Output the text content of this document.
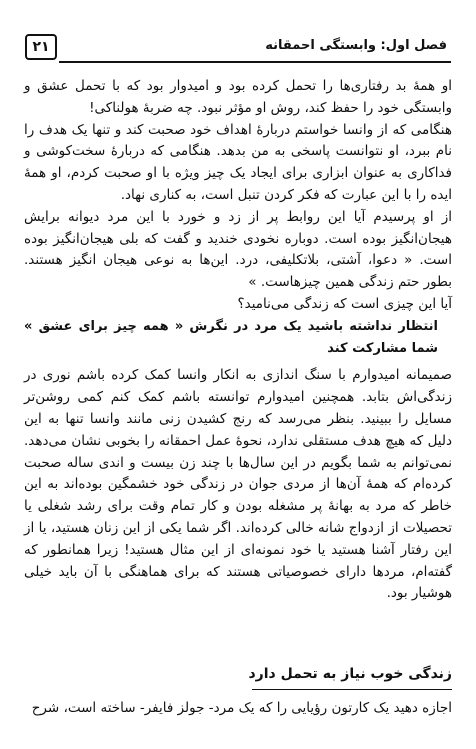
۲۱	فصل اول: وابستگی احمقانه

او همهٔ بد رفتاری‌ها را تحمل کرده بود و امیدوار بود که با تحمل عشق و وابستگی خود را حفظ کند، روش او مؤثر نبود. چه ضربهٔ هولناکی!

هنگامی که از وانسا خواستم دربارهٔ اهداف خود صحبت کند و تنها یک هدف را نام ببرد، او نتوانست پاسخی به من بدهد. هنگامی که دربارهٔ سخت‌کوشی و فداکاری به عنوان ابزاری برای ایجاد یک چیز ویژه با او صحبت کردم، او همهٔ ایده را با این عبارت که فکر کردن تنبل است، به کناری نهاد.

از او پرسیدم آیا این روابط پر از زد و خورد با این مرد دیوانه برایش هیجان‌انگیز بوده است. دوباره نخودی خندید و گفت که بلی هیجان‌انگیز بوده است. « دعوا، آشتی، بلاتکلیفی، درد. این‌ها به نوعی هیجان انگیز هستند. بطور حتم زندگی همین چیزهاست. »

آیا این چیزی است که زندگی می‌نامید؟

انتظار نداشته باشید یک مرد در نگرش « همه چیز برای عشق » شما مشارکت کند

صمیمانه امیدوارم با سنگ اندازی به انکار وانسا کمک کرده باشم نوری در زندگی‌اش بتابد. همچنین امیدوارم توانسته باشم کمک کنم کمی روشن‌تر مسایل را ببینید. بنظر می‌رسد که رنج کشیدن زنی مانند وانسا تنها به این دلیل که هیچ هدف مستقلی ندارد، نحوهٔ عمل احمقانه را بخوبی نشان می‌دهد. نمی‌توانم به شما بگویم در این سال‌ها با چند زن بیست و اندی ساله صحبت کرده‌ام که همهٔ آن‌ها از مردی جوان در زندگی خود خشمگین بوده‌اند به این خاطر که مرد به بهانهٔ پر مشغله بودن و کار تمام وقت برای رشد شغلی یا تحصیلات از ازدواج شانه خالی کرده‌اند. اگر شما یکی از این زنان هستید، یا از این رفتار آشنا هستید یا خود نمونه‌ای از این مثال هستید! زیرا همانطور که گفته‌ام، مردها دارای خصوصیاتی هستند که برای هماهنگی با آن باید خیلی هوشیار بود.

زندگی خوب نیاز به تحمل دارد

اجازه دهید یک کارتون رؤیایی را که یک مرد- جولز فایفر- ساخته است، شرح
